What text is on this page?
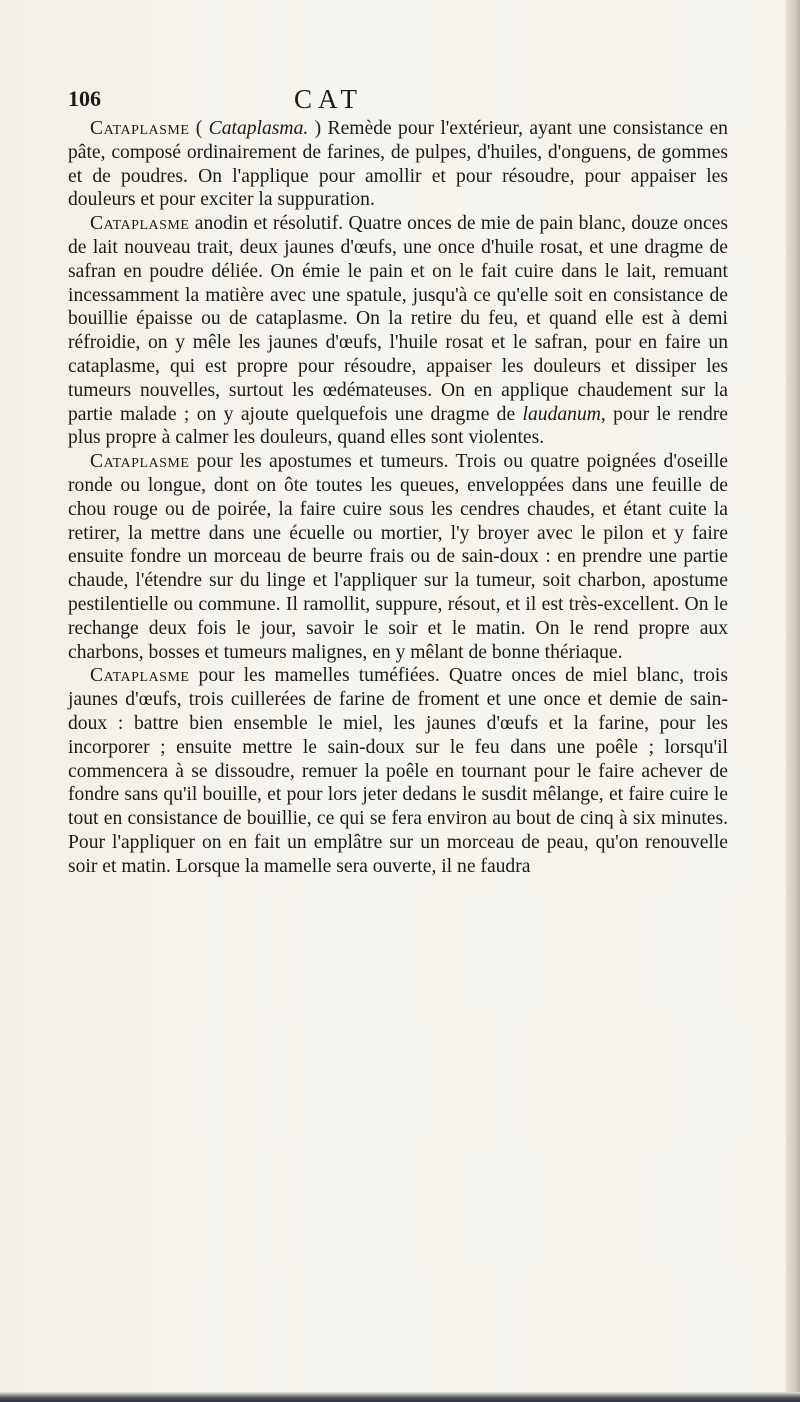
106	CAT

Cataplasme ( Cataplasma. ) Remède pour l'extérieur, ayant une consistance en pâte, composé ordinairement de farines, de pulpes, d'huiles, d'onguens, de gommes et de poudres. On l'applique pour amollir et pour résoudre, pour appaiser les douleurs et pour exciter la suppuration.

Cataplasme anodin et résolutif. Quatre onces de mie de pain blanc, douze onces de lait nouveau trait, deux jaunes d'œufs, une once d'huile rosat, et une dragme de safran en poudre déliée. On émie le pain et on le fait cuire dans le lait, remuant incessamment la matière avec une spatule, jusqu'à ce qu'elle soit en consistance de bouillie épaisse ou de cataplasme. On la retire du feu, et quand elle est à demi réfroidie, on y mêle les jaunes d'œufs, l'huile rosat et le safran, pour en faire un cataplasme, qui est propre pour résoudre, appaiser les douleurs et dissiper les tumeurs nouvelles, surtout les œdémateuses. On en applique chaudement sur la partie malade ; on y ajoute quelquefois une dragme de laudanum, pour le rendre plus propre à calmer les douleurs, quand elles sont violentes.

Cataplasme pour les apostumes et tumeurs. Trois ou quatre poignées d'oseille ronde ou longue, dont on ôte toutes les queues, enveloppées dans une feuille de chou rouge ou de poirée, la faire cuire sous les cendres chaudes, et étant cuite la retirer, la mettre dans une écuelle ou mortier, l'y broyer avec le pilon et y faire ensuite fondre un morceau de beurre frais ou de sain-doux : en prendre une partie chaude, l'étendre sur du linge et l'appliquer sur la tumeur, soit charbon, apostume pestilentielle ou commune. Il ramollit, suppure, résout, et il est très-excellent. On le rechange deux fois le jour, savoir le soir et le matin. On le rend propre aux charbons, bosses et tumeurs malignes, en y mêlant de bonne thériaque.

Cataplasme pour les mamelles tuméfiées. Quatre onces de miel blanc, trois jaunes d'œufs, trois cuillerées de farine de froment et une once et demie de sain-doux : battre bien ensemble le miel, les jaunes d'œufs et la farine, pour les incorporer ; ensuite mettre le sain-doux sur le feu dans une poêle ; lorsqu'il commencera à se dissoudre, remuer la poêle en tournant pour le faire achever de fondre sans qu'il bouille, et pour lors jeter dedans le susdit mêlange, et faire cuire le tout en consistance de bouillie, ce qui se fera environ au bout de cinq à six minutes. Pour l'appliquer on en fait un emplâtre sur un morceau de peau, qu'on renouvelle soir et matin. Lorsque la mamelle sera ouverte, il ne faudra
